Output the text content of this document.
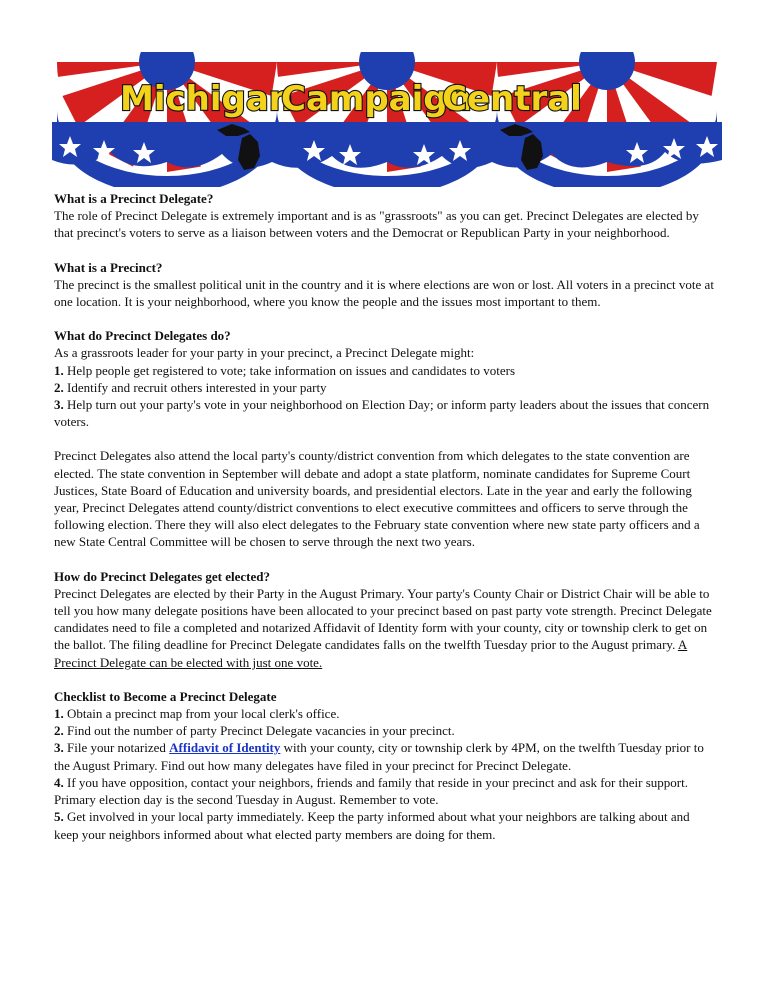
Michigan
Campaign
Central
What is a Precinct Delegate?

The role of Precinct Delegate is extremely important and is as "grassroots" as you can get. Precinct Delegates are elected by that precinct's voters to serve as a liaison between voters and the Democrat or Republican Party in your neighborhood.

What is a Precinct?

The precinct is the smallest political unit in the country and it is where elections are won or lost. All voters in a precinct vote at one location. It is your neighborhood, where you know the people and the issues most important to them.

What do Precinct Delegates do?

As a grassroots leader for your party in your precinct, a Precinct Delegate might:

1. Help people get registered to vote; take information on issues and candidates to voters
2. Identify and recruit others interested in your party
3. Help turn out your party's vote in your neighborhood on Election Day; or inform party leaders about the issues that concern voters.

Precinct Delegates also attend the local party's county/district convention from which delegates to the state convention are elected. The state convention in September will debate and adopt a state platform, nominate candidates for Supreme Court Justices, State Board of Education and university boards, and presidential electors. Late in the year and early the following year, Precinct Delegates attend county/district conventions to elect executive committees and officers to serve through the following election. There they will also elect delegates to the February state convention where new state party officers and a new State Central Committee will be chosen to serve through the next two years.

How do Precinct Delegates get elected?

Precinct Delegates are elected by their Party in the August Primary. Your party's County Chair or District Chair will be able to tell you how many delegate positions have been allocated to your precinct based on past party vote strength. Precinct Delegate candidates need to file a completed and notarized Affidavit of Identity form with your county, city or township clerk to get on the ballot. The filing deadline for Precinct Delegate candidates falls on the twelfth Tuesday prior to the August primary. A Precinct Delegate can be elected with just one vote.

Checklist to Become a Precinct Delegate
1. Obtain a precinct map from your local clerk's office.
2. Find out the number of party Precinct Delegate vacancies in your precinct.
3. File your notarized Affidavit of Identity with your county, city or township clerk by 4PM, on the twelfth Tuesday prior to the August Primary. Find out how many delegates have filed in your precinct for Precinct Delegate.
4. If you have opposition, contact your neighbors, friends and family that reside in your precinct and ask for their support. Primary election day is the second Tuesday in August. Remember to vote.
5. Get involved in your local party immediately. Keep the party informed about what your neighbors are talking about and keep your neighbors informed about what elected party members are doing for them.
